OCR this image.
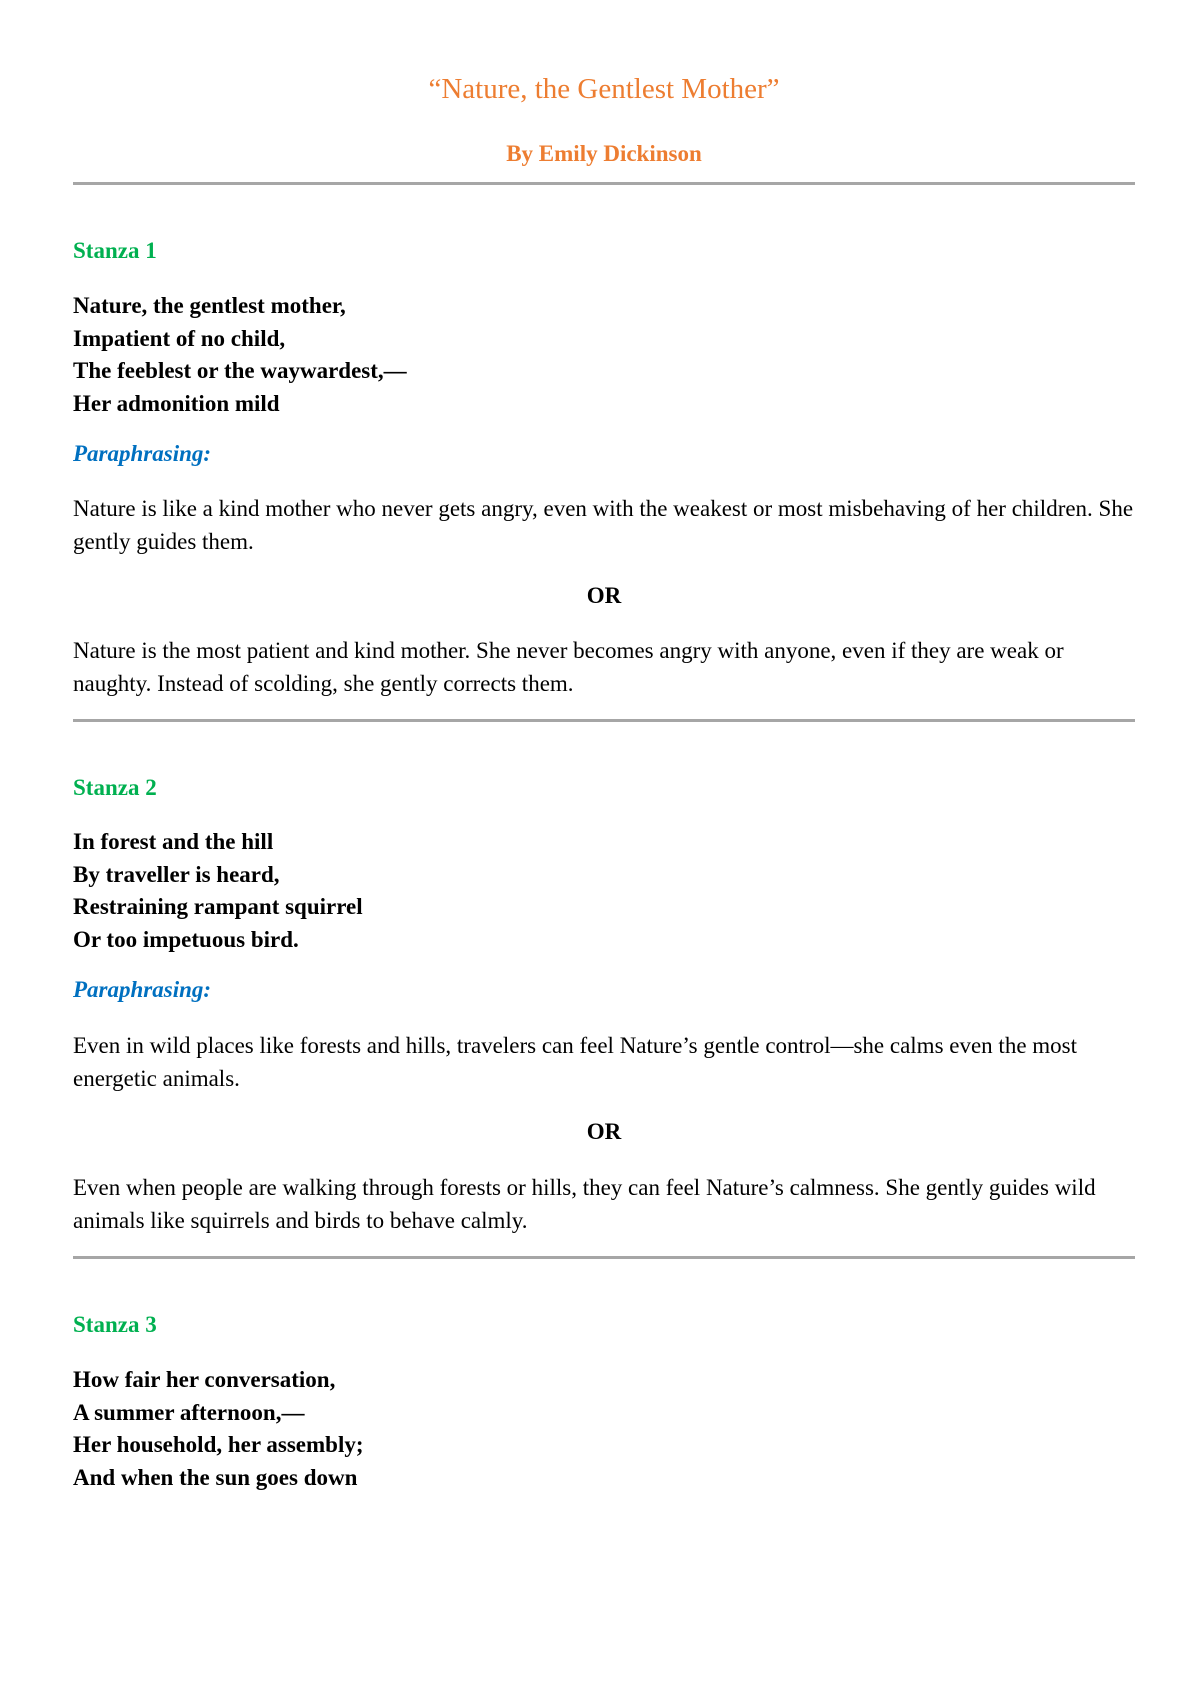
“Nature, the Gentlest Mother”

By Emily Dickinson

Stanza 1

Nature, the gentlest mother,
Impatient of no child,
The feeblest or the waywardest,—
Her admonition mild

Paraphrasing:

Nature is like a kind mother who never gets angry, even with the weakest or most misbehaving of her children. She gently guides them.

OR

Nature is the most patient and kind mother. She never becomes angry with anyone, even if they are weak or naughty. Instead of scolding, she gently corrects them.

Stanza 2

In forest and the hill
By traveller is heard,
Restraining rampant squirrel
Or too impetuous bird.

Paraphrasing:

Even in wild places like forests and hills, travelers can feel Nature’s gentle control—she calms even the most energetic animals.

OR

Even when people are walking through forests or hills, they can feel Nature’s calmness. She gently guides wild animals like squirrels and birds to behave calmly.

Stanza 3

How fair her conversation,
A summer afternoon,—
Her household, her assembly;
And when the sun goes down
